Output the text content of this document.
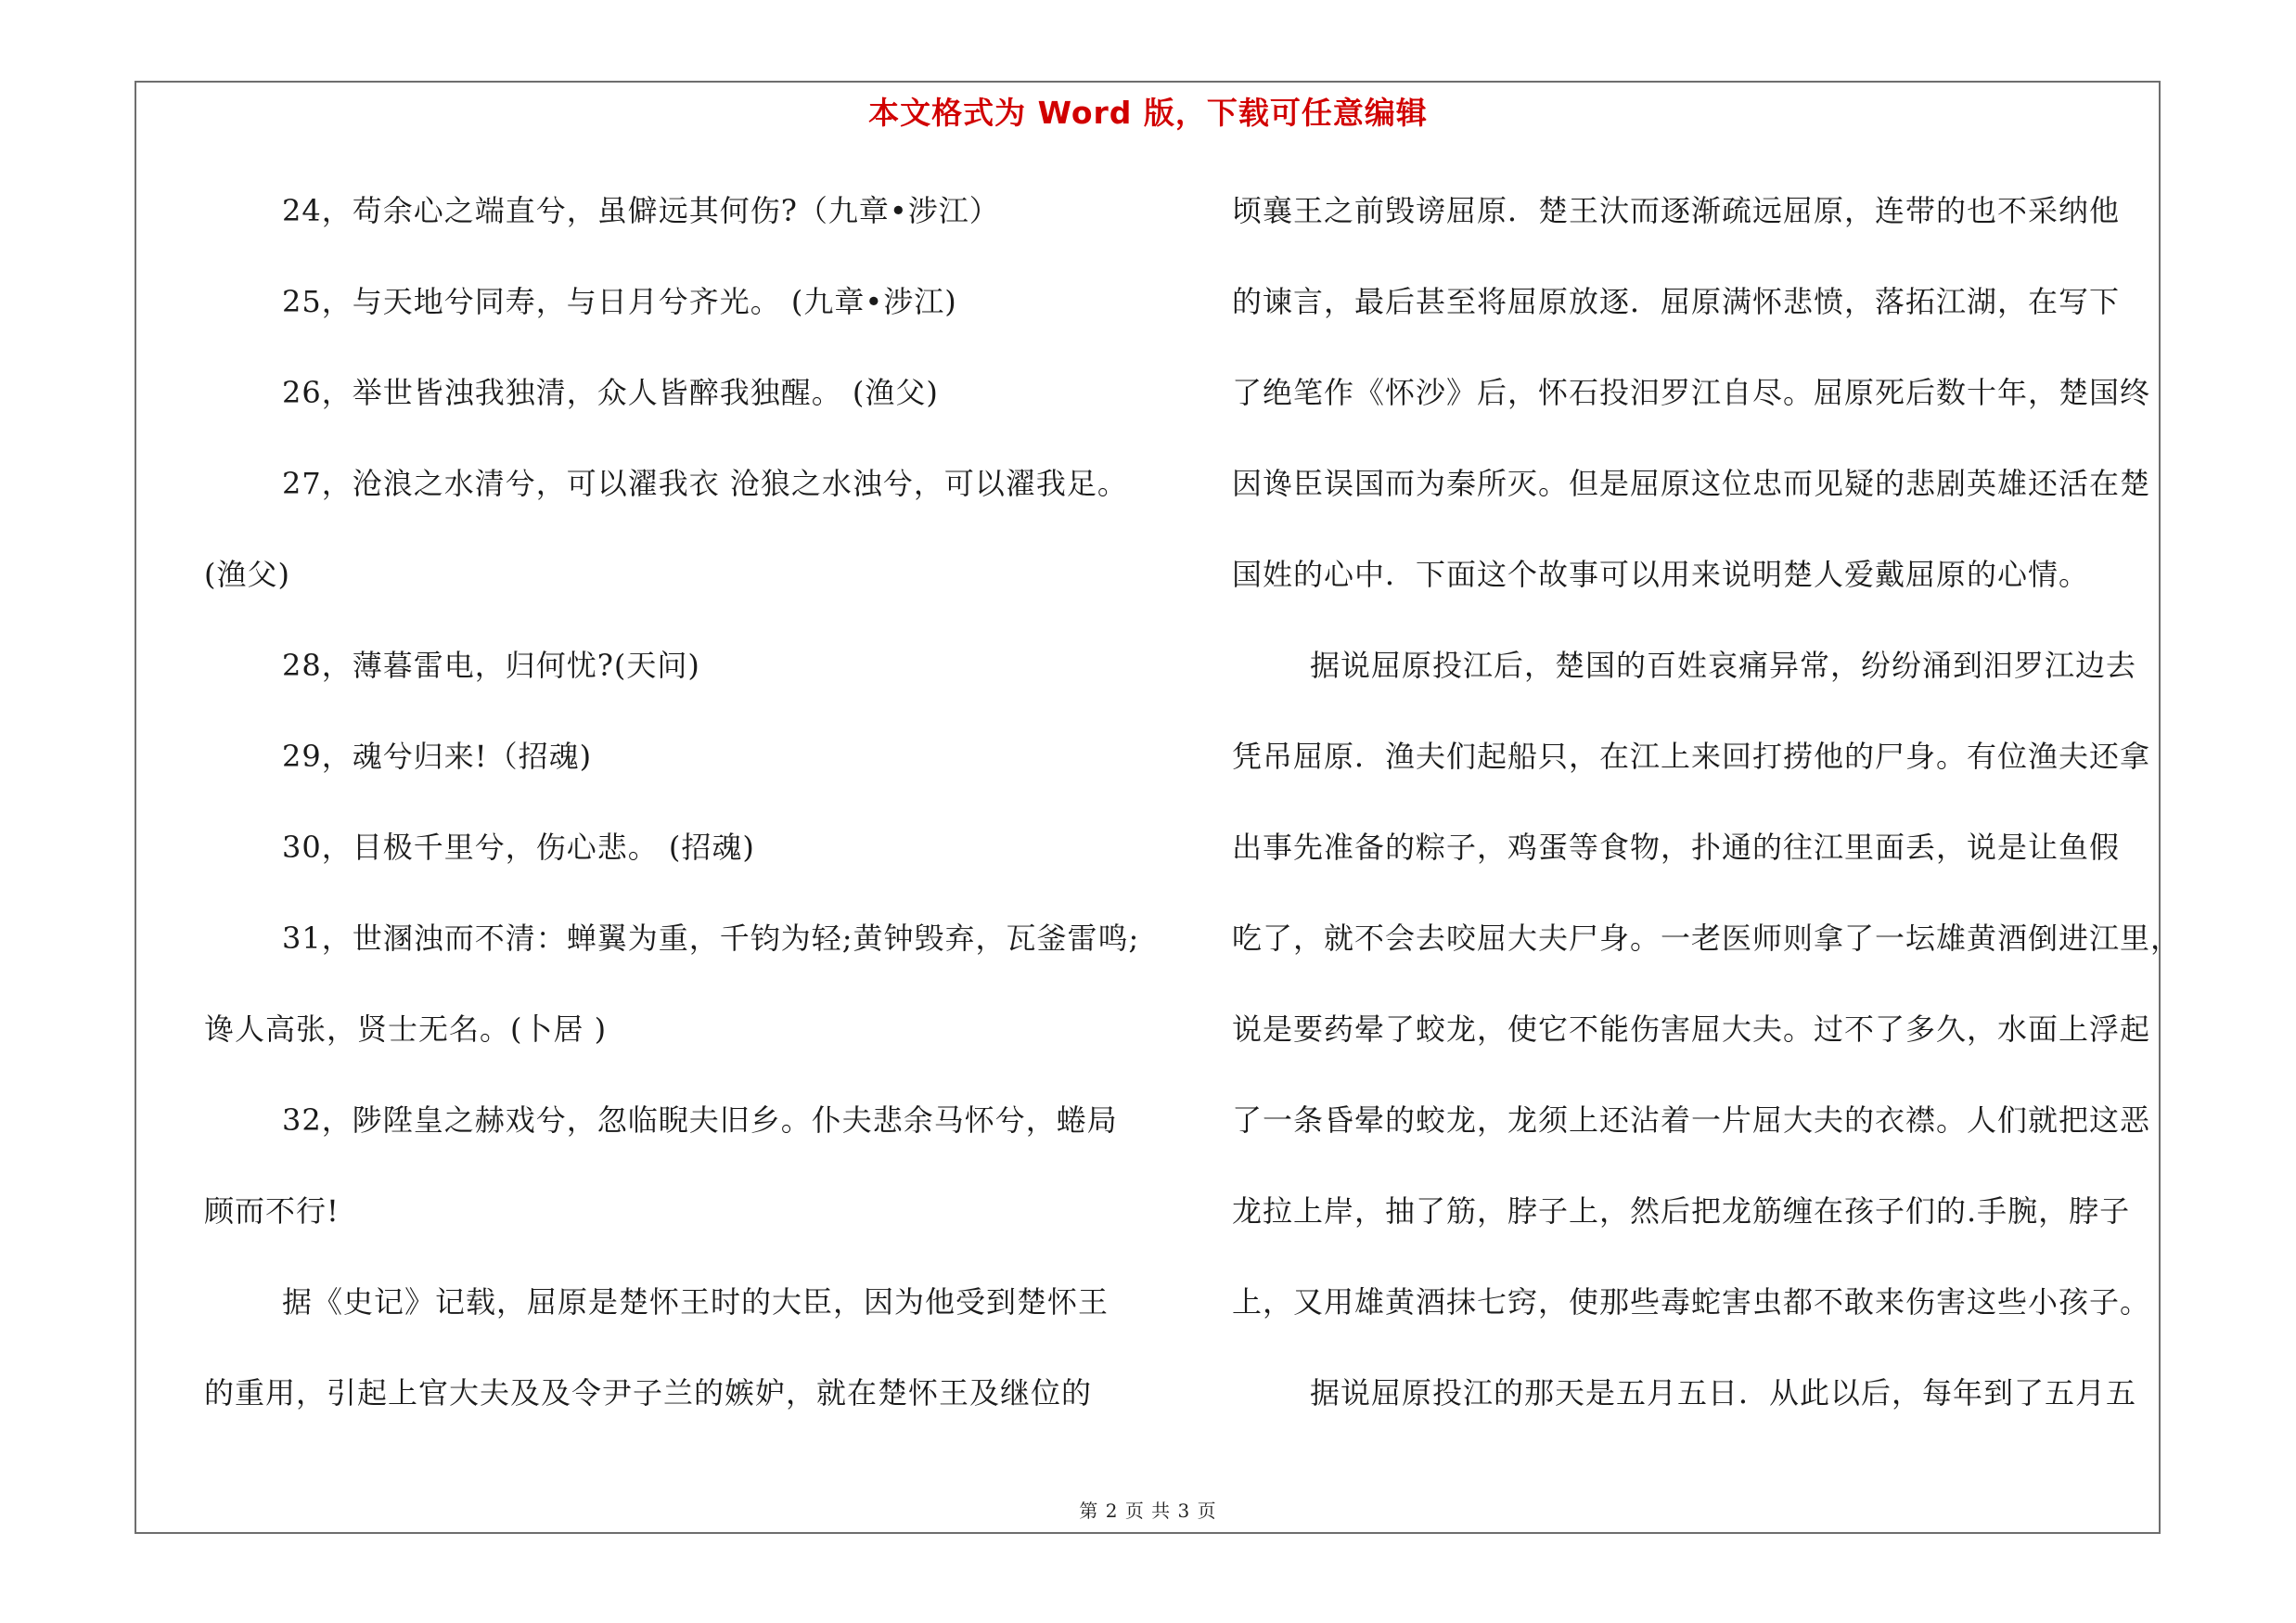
本文格式为 Word 版，下载可任意编辑
24，苟余心之端直兮，虽僻远其何伤?（九章•涉江）
25，与天地兮同寿，与日月兮齐光。 (九章•涉江)
26，举世皆浊我独清，众人皆醉我独醒。 (渔父)
27，沧浪之水清兮，可以濯我衣 沧狼之水浊兮，可以濯我足。
(渔父)
28，薄暮雷电，归何忧?(天问)
29，魂兮归来!（招魂)
30，目极千里兮，伤心悲。 (招魂)
31，世溷浊而不清：蝉翼为重，千钧为轻;黄钟毁弃，瓦釜雷鸣;
谗人高张，贤士无名。(卜居 )
32，陟陞皇之赫戏兮，忽临睨夫旧乡。仆夫悲余马怀兮，蜷局
顾而不行!
据《史记》记载，屈原是楚怀王时的大臣，因为他受到楚怀王
的重用，引起上官大夫及及令尹子兰的嫉妒，就在楚怀王及继位的
顷襄王之前毁谤屈原．楚王汏而逐渐疏远屈原，连带的也不采纳他
的谏言，最后甚至将屈原放逐．屈原满怀悲愤，落拓江湖，在写下
了绝笔作《怀沙》后，怀石投汨罗江自尽。屈原死后数十年，楚国终
因谗臣误国而为秦所灭。但是屈原这位忠而见疑的悲剧英雄还活在楚
国姓的心中．下面这个故事可以用来说明楚人爱戴屈原的心情。
据说屈原投江后，楚国的百姓哀痛异常，纷纷涌到汨罗江边去
凭吊屈原．渔夫们起船只，在江上来回打捞他的尸身。有位渔夫还拿
出事先准备的粽子，鸡蛋等食物，扑通的往江里面丢，说是让鱼假
吃了，就不会去咬屈大夫尸身。一老医师则拿了一坛雄黄酒倒进江里，
说是要药晕了蛟龙，使它不能伤害屈大夫。过不了多久，水面上浮起
了一条昏晕的蛟龙，龙须上还沾着一片屈大夫的衣襟。人们就把这恶
龙拉上岸，抽了筋，脖子上，然后把龙筋缠在孩子们的.手腕，脖子
上，又用雄黄酒抹七窍，使那些毒蛇害虫都不敢来伤害这些小孩子。
据说屈原投江的那天是五月五日．从此以后，每年到了五月五
第 2 页 共 3 页
